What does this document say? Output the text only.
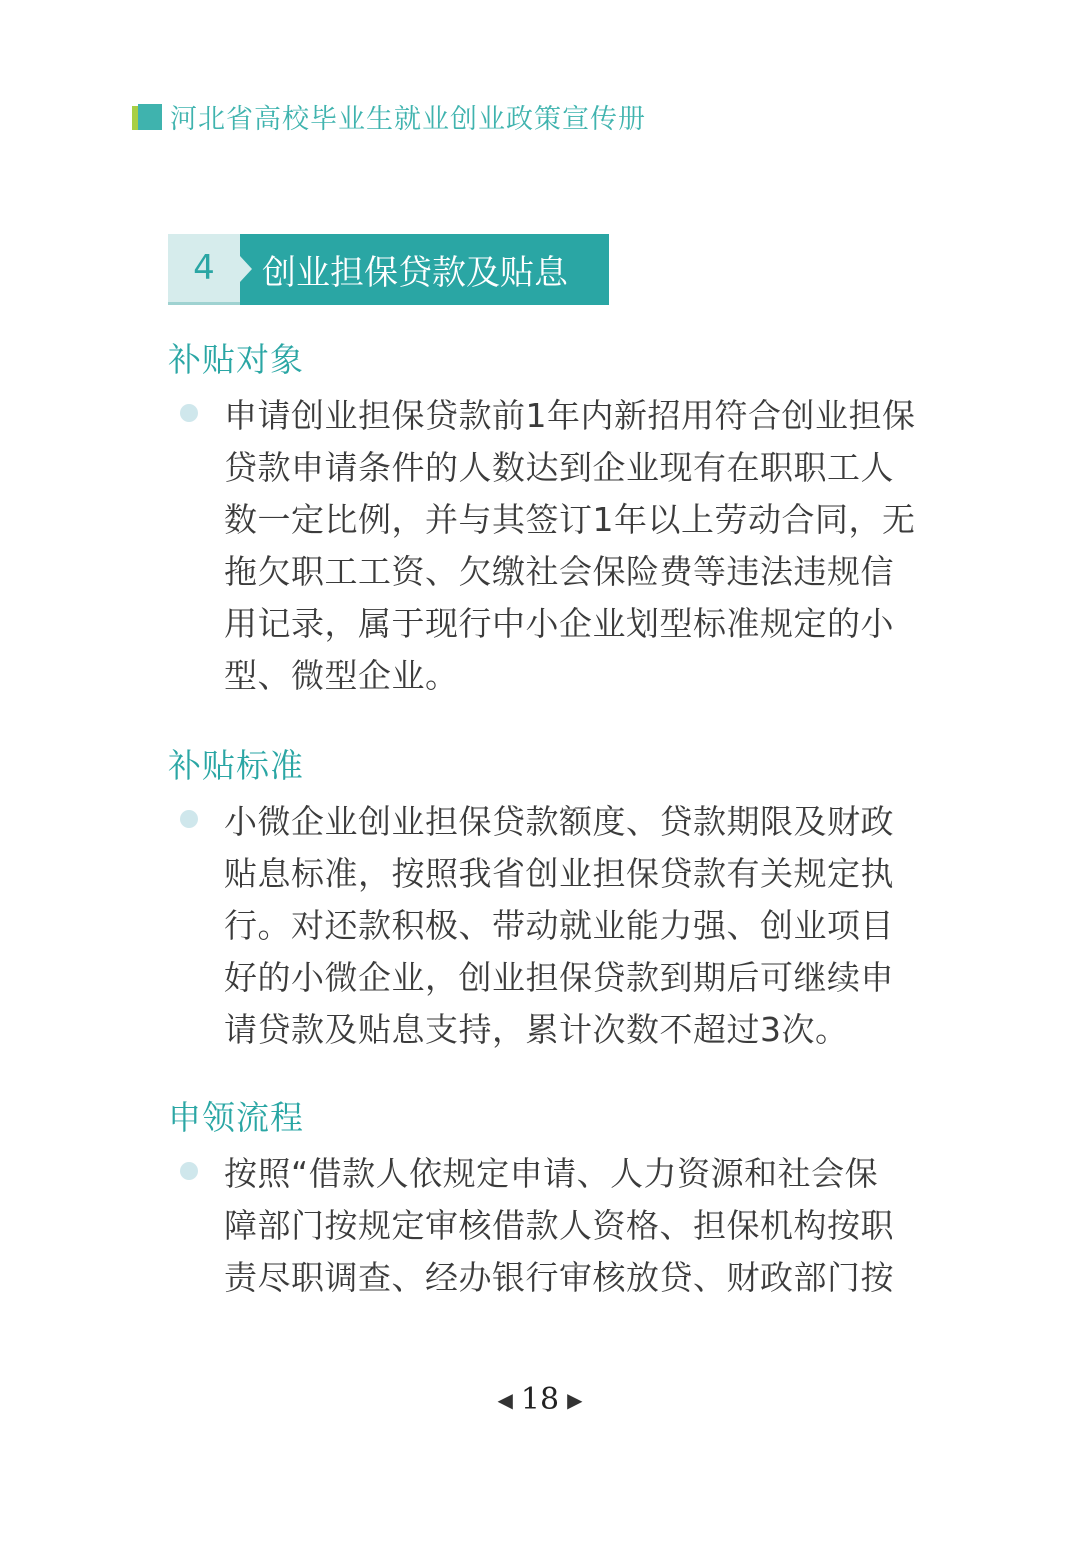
河北省高校毕业生就业创业政策宣传册
4	创业担保贷款及贴息
补贴对象
申请创业担保贷款前1年内新招用符合创业担保
贷款申请条件的人数达到企业现有在职职工人
数一定比例，并与其签订1年以上劳动合同，无
拖欠职工工资、欠缴社会保险费等违法违规信
用记录，属于现行中小企业划型标准规定的小
型、微型企业。
补贴标准
小微企业创业担保贷款额度、贷款期限及财政
贴息标准，按照我省创业担保贷款有关规定执
行。对还款积极、带动就业能力强、创业项目
好的小微企业，创业担保贷款到期后可继续申
请贷款及贴息支持，累计次数不超过3次。
申领流程
按照“借款人依规定申请、人力资源和社会保
障部门按规定审核借款人资格、担保机构按职
责尽职调查、经办银行审核放贷、财政部门按
◀ 18 ▶
